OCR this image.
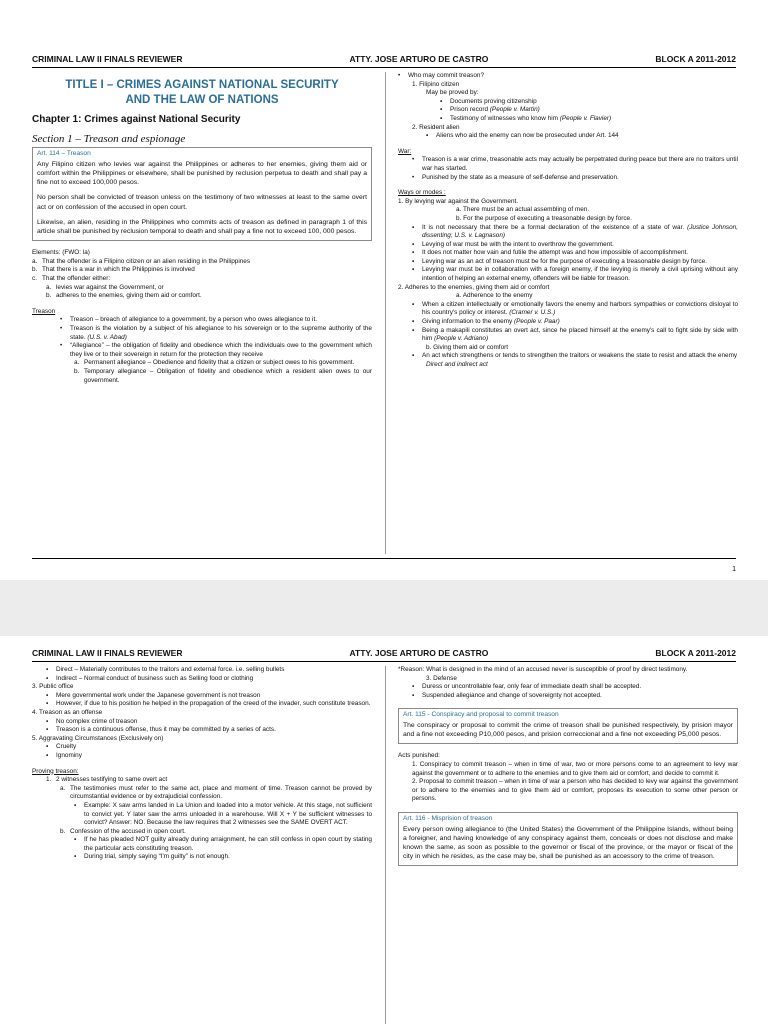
CRIMINAL LAW II FINALS REVIEWER	ATTY. JOSE ARTURO DE CASTRO	BLOCK A 2011-2012
TITLE I – CRIMES AGAINST NATIONAL SECURITY
AND THE LAW OF NATIONS
Chapter 1: Crimes against National Security
Section 1 – Treason and espionage
Art. 114 – Treason

Any Filipino citizen who levies war against the Philippines or adheres to her enemies, giving them aid or comfort within the Philippines or elsewhere, shall be punished by reclusion perpetua to death and shall pay a fine not to exceed 100,000 pesos.

No person shall be convicted of treason unless on the testimony of two witnesses at least to the same overt act or on confession of the accused in open court.

Likewise, an alien, residing in the Philippines who commits acts of treason as defined in paragraph 1 of this article shall be punished by reclusion temporal to death and shall pay a fine not to exceed 100, 000 pesos.

Elements: (FWO: la)
a. That the offender is a Filipino citizen or an alien residing in the Philippines
b. That there is a war in which the Philippines is involved
c. That the offender either:
a. levies war against the Government, or
b. adheres to the enemies, giving them aid or comfort.
Treason
•	Treason – breach of allegiance to a government, by a person who owes allegiance to it.
•	Treason is the violation by a subject of his allegiance to his sovereign or to the supreme authority of the state. (U.S. v. Abad)
•	“Allegiance” – the obligation of fidelity and obedience which the individuals owe to the government which they live or to their sovereign in return for the protection they receive
a. Permanent allegiance – Obedience and fidelity that a citizen or subject owes to his government.
b. Temporary allegiance – Obligation of fidelity and obedience which a resident alien owes to our government.
•	Who may commit treason?
1. Filipino citizen
May be proved by:
▪	Documents proving citizenship
▪	Prison record (People v. Martin)
▪	Testimony of witnesses who know him (People v. Flavier)
2. Resident alien
▪	Aliens who aid the enemy can now be prosecuted under Art. 144
War:
•	Treason is a war crime, treasonable acts may actually be perpetrated during peace but there are no traitors until war has started.
•	Punished by the state as a measure of self-defense and preservation.
Ways or modes :
1. By levying war against the Government.
a. There must be an actual assembling of men.
b. For the purpose of executing a treasonable design by force.
▪	It is not necessary that there be a formal declaration of the existence of a state of war. (Justice Johnson, dissenting; U.S. v. Lagnason)
▪	Levying of war must be with the intent to overthrow the government.
▪	It does not matter how vain and futile the attempt was and how impossible of accomplishment.
▪	Levying war as an act of treason must be for the purpose of executing a treasonable design by force.
▪	Levying war must be in collaboration with a foreign enemy, if the levying is merely a civil uprising without any intention of helping an external enemy, offenders will be liable for treason.
2. Adheres to the enemies, giving them aid or comfort
a. Adherence to the enemy
▪	When a citizen intellectually or emotionally favors the enemy and harbors sympathies or convictions disloyal to his country's policy or interest. (Cramer v. U.S.)
▪	Giving information to the enemy (People v. Paar)
▪	Being a makapili constitutes an overt act, since he placed himself at the enemy's call to fight side by side with him (People v. Adriano)
b. Giving them aid or comfort
▪	An act which strengthens or tends to strengthen the traitors or weakens the state to resist and attack the enemy
Direct and indirect act
1
CRIMINAL LAW II FINALS REVIEWER	ATTY. JOSE ARTURO DE CASTRO	BLOCK A 2011-2012
▪	Direct – Materially contributes to the traitors and external force. i.e. selling bullets
▪	Indirect – Normal conduct of business such as Selling food or clothing
3. Public office
▪	Mere governmental work under the Japanese government is not treason
▪	However, if due to his position he helped in the propagation of the creed of the invader, such constitute treason.
4. Treason as an offense
▪	No complex crime of treason
▪	Treason is a continuous offense, thus it may be committed by a series of acts.
5. Aggravating Circumstances (Exclusively on)
▪	Cruelty
▪	Ignominy
Proving treason:
1. 2 witnesses testifying to same overt act
a. The testimonies must refer to the same act, place and moment of time. Treason cannot be proved by circumstantial evidence or by extrajudicial confession.
▪	Example: X saw arms landed in La Union and loaded into a motor vehicle. At this stage, not sufficient to convict yet. Y later saw the arms unloaded in a warehouse. Will X + Y be sufficient witnesses to convict? Answer: NO. Because the law requires that 2 witnesses see the SAME OVERT ACT.
b. Confession of the accused in open court.
▪	If he has pleaded NOT guilty already during arraignment, he can still confess in open court by stating the particular acts constituting treason.
▪	During trial, simply saying “I'm guilty” is not enough.
*Reason: What is designed in the mind of an accused never is susceptible of proof by direct testimony.
3. Defense
▪	Duress or uncontrollable fear, only fear of immediate death shall be accepted.
▪	Suspended allegiance and change of sovereignty not accepted.
Art. 115 - Conspiracy and proposal to commit treason

The conspiracy or proposal to commit the crime of treason shall be punished respectively, by prision mayor and a fine not exceeding P10,000 pesos, and prision correccional and a fine not exceeding P5,000 pesos.

Acts punished:
1. Conspiracy to commit treason – when in time of war, two or more persons come to an agreement to levy war against the government or to adhere to the enemies and to give them aid or comfort, and decide to commit it.
2. Proposal to commit treason – when in time of war a person who has decided to levy war against the government or to adhere to the enemies and to give them aid or comfort, proposes its execution to some other person or persons.
Art. 116 - Misprision of treason

Every person owing allegiance to (the United States) the Government of the Philippine Islands, without being a foreigner, and having knowledge of any conspiracy against them, conceals or does not disclose and make known the same, as soon as possible to the governor or fiscal of the province, or the mayor or fiscal of the city in which he resides, as the case may be, shall be punished as an accessory to the crime of treason.
